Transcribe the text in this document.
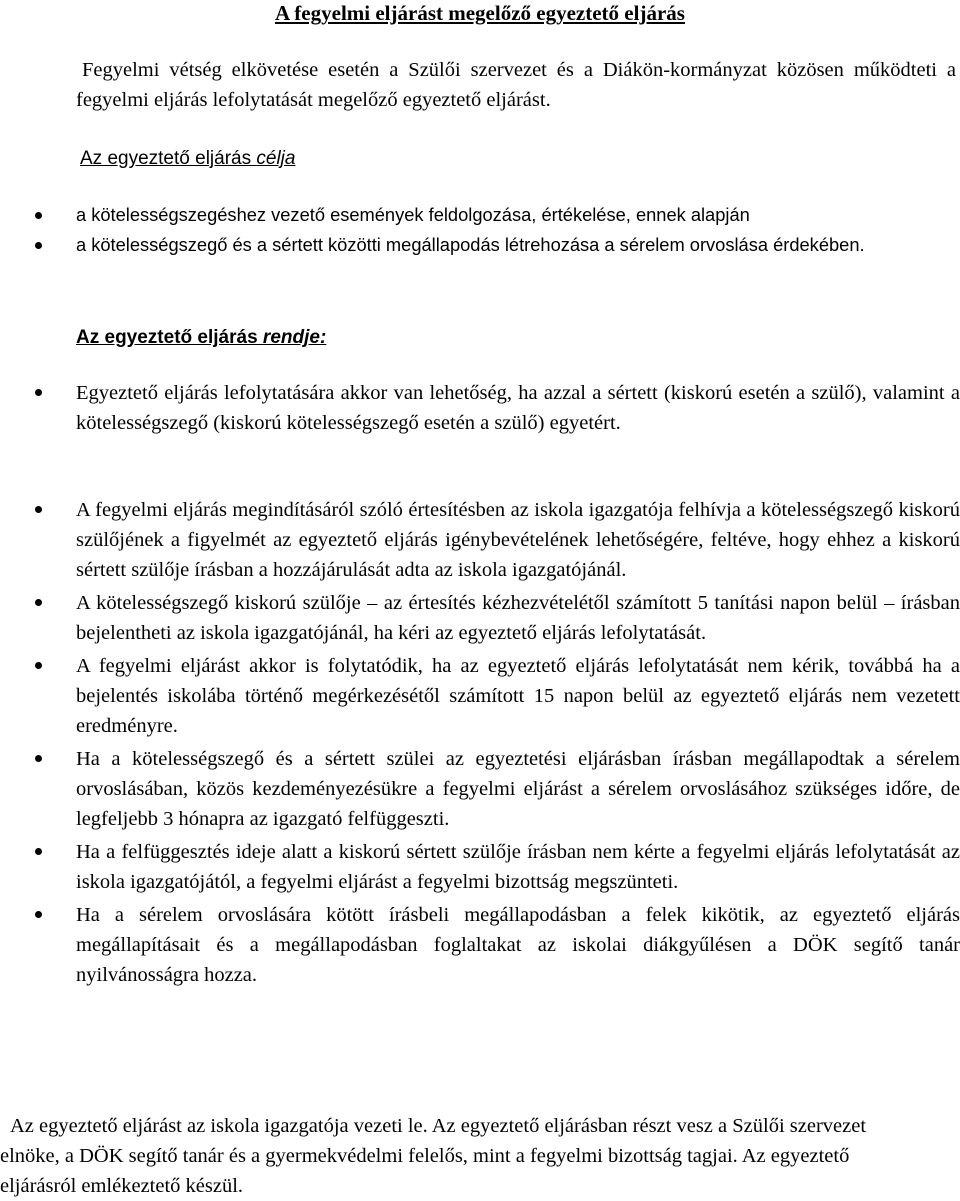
A fegyelmi eljárást megelőző egyeztető eljárás

Fegyelmi vétség elkövetése esetén a Szülői szervezet és a Diákön-kormányzat közösen működteti a fegyelmi eljárás lefolytatását megelőző egyeztető eljárást.

Az egyeztető eljárás célja

a kötelességszegéshez vezető események feldolgozása, értékelése, ennek alapján
a kötelességszegő és a sértett közötti megállapodás létrehozása a sérelem orvoslása érdekében.

Az egyeztető eljárás rendje:

Egyeztető eljárás lefolytatására akkor van lehetőség, ha azzal a sértett (kiskorú esetén a szülő), valamint a kötelességszegő (kiskorú kötelességszegő esetén a szülő) egyetért.
A fegyelmi eljárás megindításáról szóló értesítésben az iskola igazgatója felhívja a kötelességszegő kiskorú szülőjének a figyelmét az egyeztető eljárás igénybevételének lehetőségére, feltéve, hogy ehhez a kiskorú sértett szülője írásban a hozzájárulását adta az iskola igazgatójánál.
A kötelességszegő kiskorú szülője – az értesítés kézhezvételétől számított 5 tanítási napon belül – írásban bejelentheti az iskola igazgatójánál, ha kéri az egyeztető eljárás lefolytatását.
A fegyelmi eljárást akkor is folytatódik, ha az egyeztető eljárás lefolytatását nem kérik, továbbá ha a bejelentés iskolába történő megérkezésétől számított 15 napon belül az egyeztető eljárás nem vezetett eredményre.
Ha a kötelességszegő és a sértett szülei az egyeztetési eljárásban írásban megállapodtak a sérelem orvoslásában, közös kezdeményezésükre a fegyelmi eljárást a sérelem orvoslásához szükséges időre, de legfeljebb 3 hónapra az igazgató felfüggeszti.
Ha a felfüggesztés ideje alatt a kiskorú sértett szülője írásban nem kérte a fegyelmi eljárás lefolytatását az iskola igazgatójától, a fegyelmi eljárást a fegyelmi bizottság megszünteti.
Ha a sérelem orvoslására kötött írásbeli megállapodásban a felek kikötik, az egyeztető eljárás megállapításait és a megállapodásban foglaltakat az iskolai diákgyűlésen a DÖK segítő tanár nyilvánosságra hozza.

Az egyeztető eljárást az iskola igazgatója vezeti le. Az egyeztető eljárásban részt vesz a Szülői szervezet elnöke, a DÖK segítő tanár és a gyermekvédelmi felelős, mint a fegyelmi bizottság tagjai. Az egyeztető eljárásról emlékeztető készül.
